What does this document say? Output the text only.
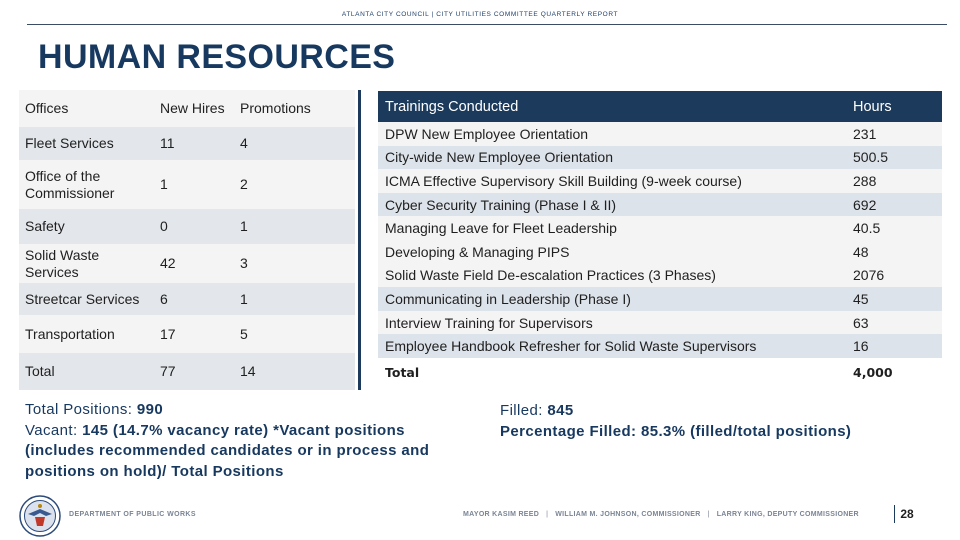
ATLANTA CITY COUNCIL | CITY UTILITIES COMMITTEE QUARTERLY REPORT
HUMAN RESOURCES
Offices	New Hires	Promotions
Fleet Services	11	4
Office of the Commissioner	1	2
Safety	0	1
Solid Waste Services	42	3
Streetcar Services	6	1
Transportation	17	5
Total	77	14
Trainings Conducted	Hours
DPW New Employee Orientation	231
City-wide New Employee Orientation	500.5
ICMA Effective Supervisory Skill Building (9-week course)	288
Cyber Security Training (Phase I & II)	692
Managing Leave for Fleet Leadership	40.5
Developing & Managing PIPS	48
Solid Waste Field De-escalation Practices (3 Phases)	2076
Communicating in Leadership (Phase I)	45
Interview Training for Supervisors	63
Employee Handbook Refresher for Solid Waste Supervisors	16
Total	4,000
Total Positions: 990
Vacant: 145 (14.7% vacancy rate) *Vacant positions (includes recommended candidates or in process and positions on hold)/ Total Positions
Filled: 845
Percentage Filled: 85.3% (filled/total positions)
DEPARTMENT OF PUBLIC WORKS	MAYOR KASIM REED | WILLIAM M. JOHNSON, COMMISSIONER | LARRY KING, DEPUTY COMMISSIONER	28
